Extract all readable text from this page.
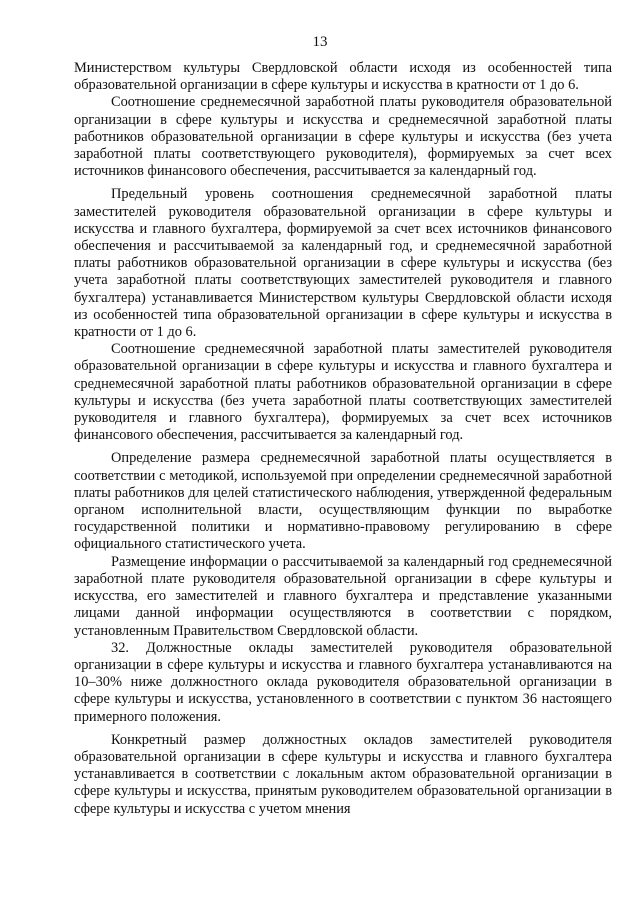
13

Министерством культуры Свердловской области исходя из особенностей типа образовательной организации в сфере культуры и искусства в кратности от 1 до 6.

Соотношение среднемесячной заработной платы руководителя образовательной организации в сфере культуры и искусства и среднемесячной заработной платы работников образовательной организации в сфере культуры и искусства (без учета заработной платы соответствующего руководителя), формируемых за счет всех источников финансового обеспечения, рассчитывается за календарный год.

Предельный уровень соотношения среднемесячной заработной платы заместителей руководителя образовательной организации в сфере культуры и искусства и главного бухгалтера, формируемой за счет всех источников финансового обеспечения и рассчитываемой за календарный год, и среднемесячной заработной платы работников образовательной организации в сфере культуры и искусства (без учета заработной платы соответствующих заместителей руководителя и главного бухгалтера) устанавливается Министерством культуры Свердловской области исходя из особенностей типа образовательной организации в сфере культуры и искусства в кратности от 1 до 6.

Соотношение среднемесячной заработной платы заместителей руководителя образовательной организации в сфере культуры и искусства и главного бухгалтера и среднемесячной заработной платы работников образовательной организации в сфере культуры и искусства (без учета заработной платы соответствующих заместителей руководителя и главного бухгалтера), формируемых за счет всех источников финансового обеспечения, рассчитывается за календарный год.

Определение размера среднемесячной заработной платы осуществляется в соответствии с методикой, используемой при определении среднемесячной заработной платы работников для целей статистического наблюдения, утвержденной федеральным органом исполнительной власти, осуществляющим функции по выработке государственной политики и нормативно-правовому регулированию в сфере официального статистического учета.

Размещение информации о рассчитываемой за календарный год среднемесячной заработной плате руководителя образовательной организации в сфере культуры и искусства, его заместителей и главного бухгалтера и представление указанными лицами данной информации осуществляются в соответствии с порядком, установленным Правительством Свердловской области.

32. Должностные оклады заместителей руководителя образовательной организации в сфере культуры и искусства и главного бухгалтера устанавливаются на 10–30% ниже должностного оклада руководителя образовательной организации в сфере культуры и искусства, установленного в соответствии с пунктом 36 настоящего примерного положения.

Конкретный размер должностных окладов заместителей руководителя образовательной организации в сфере культуры и искусства и главного бухгалтера устанавливается в соответствии с локальным актом образовательной организации в сфере культуры и искусства, принятым руководителем образовательной организации в сфере культуры и искусства с учетом мнения
